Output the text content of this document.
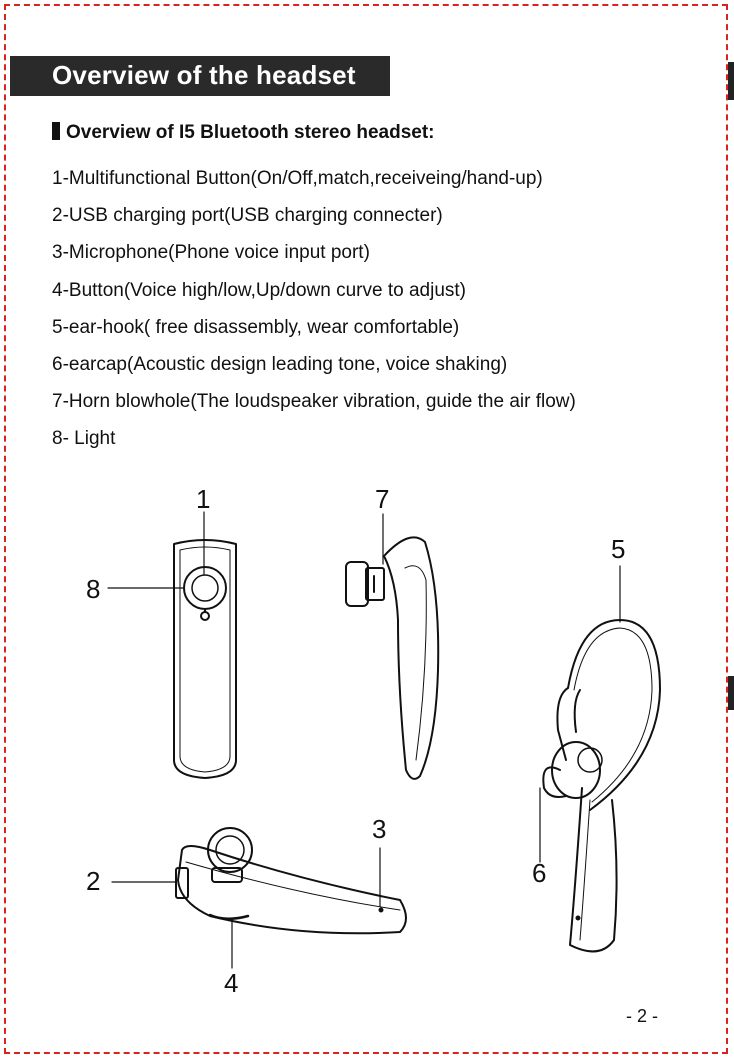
Overview of the headset
Overview of I5 Bluetooth stereo headset:
1-Multifunctional Button(On/Off,match,receiveing/hand-up)
2-USB charging port(USB charging connecter)
3-Microphone(Phone voice input port)
4-Button(Voice high/low,Up/down curve to adjust)
5-ear-hook( free disassembly, wear comfortable)
6-earcap(Acoustic design leading tone, voice shaking)
7-Horn blowhole(The loudspeaker vibration, guide the air flow)
8- Light
1	7
5
8
3
2	6
4
- 2 -
